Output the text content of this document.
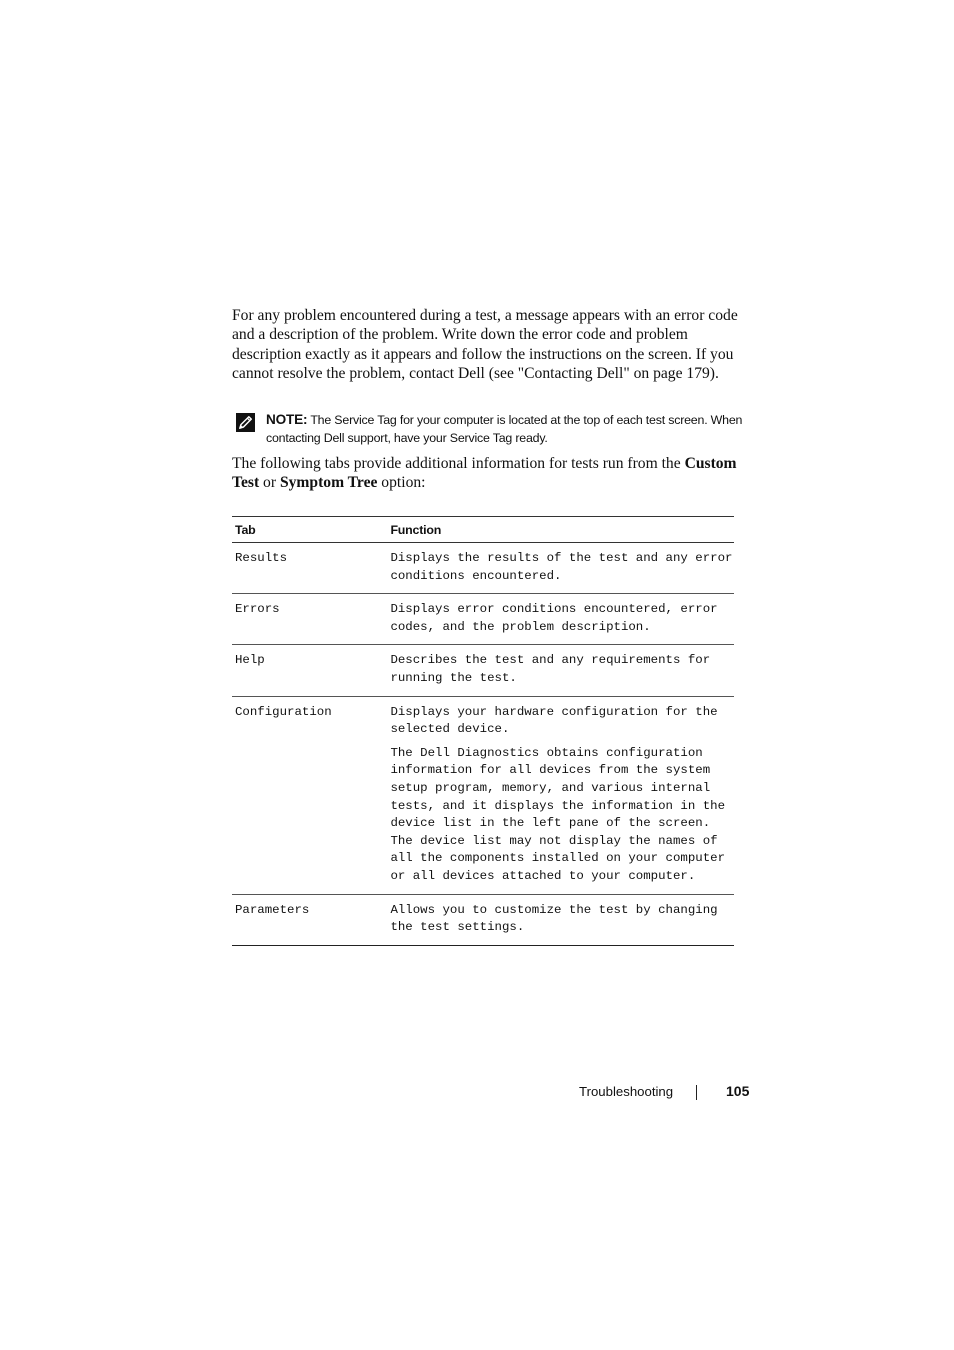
For any problem encountered during a test, a message appears with an error code and a description of the problem. Write down the error code and problem description exactly as it appears and follow the instructions on the screen. If you cannot resolve the problem, contact Dell (see "Contacting Dell" on page 179).

NOTE: The Service Tag for your computer is located at the top of each test screen. When contacting Dell support, have your Service Tag ready.

The following tabs provide additional information for tests run from the Custom Test or Symptom Tree option:

Tab	Function
Results	Displays the results of the test and any error conditions encountered.
Errors	Displays error conditions encountered, error codes, and the problem description.
Help	Describes the test and any requirements for running the test.
Configuration	Displays your hardware configuration for the selected device.
The Dell Diagnostics obtains configuration information for all devices from the system setup program, memory, and various internal tests, and it displays the information in the device list in the left pane of the screen. The device list may not display the names of all the components installed on your computer or all devices attached to your computer.

Parameters	Allows you to customize the test by changing the test settings.
Troubleshooting	105
